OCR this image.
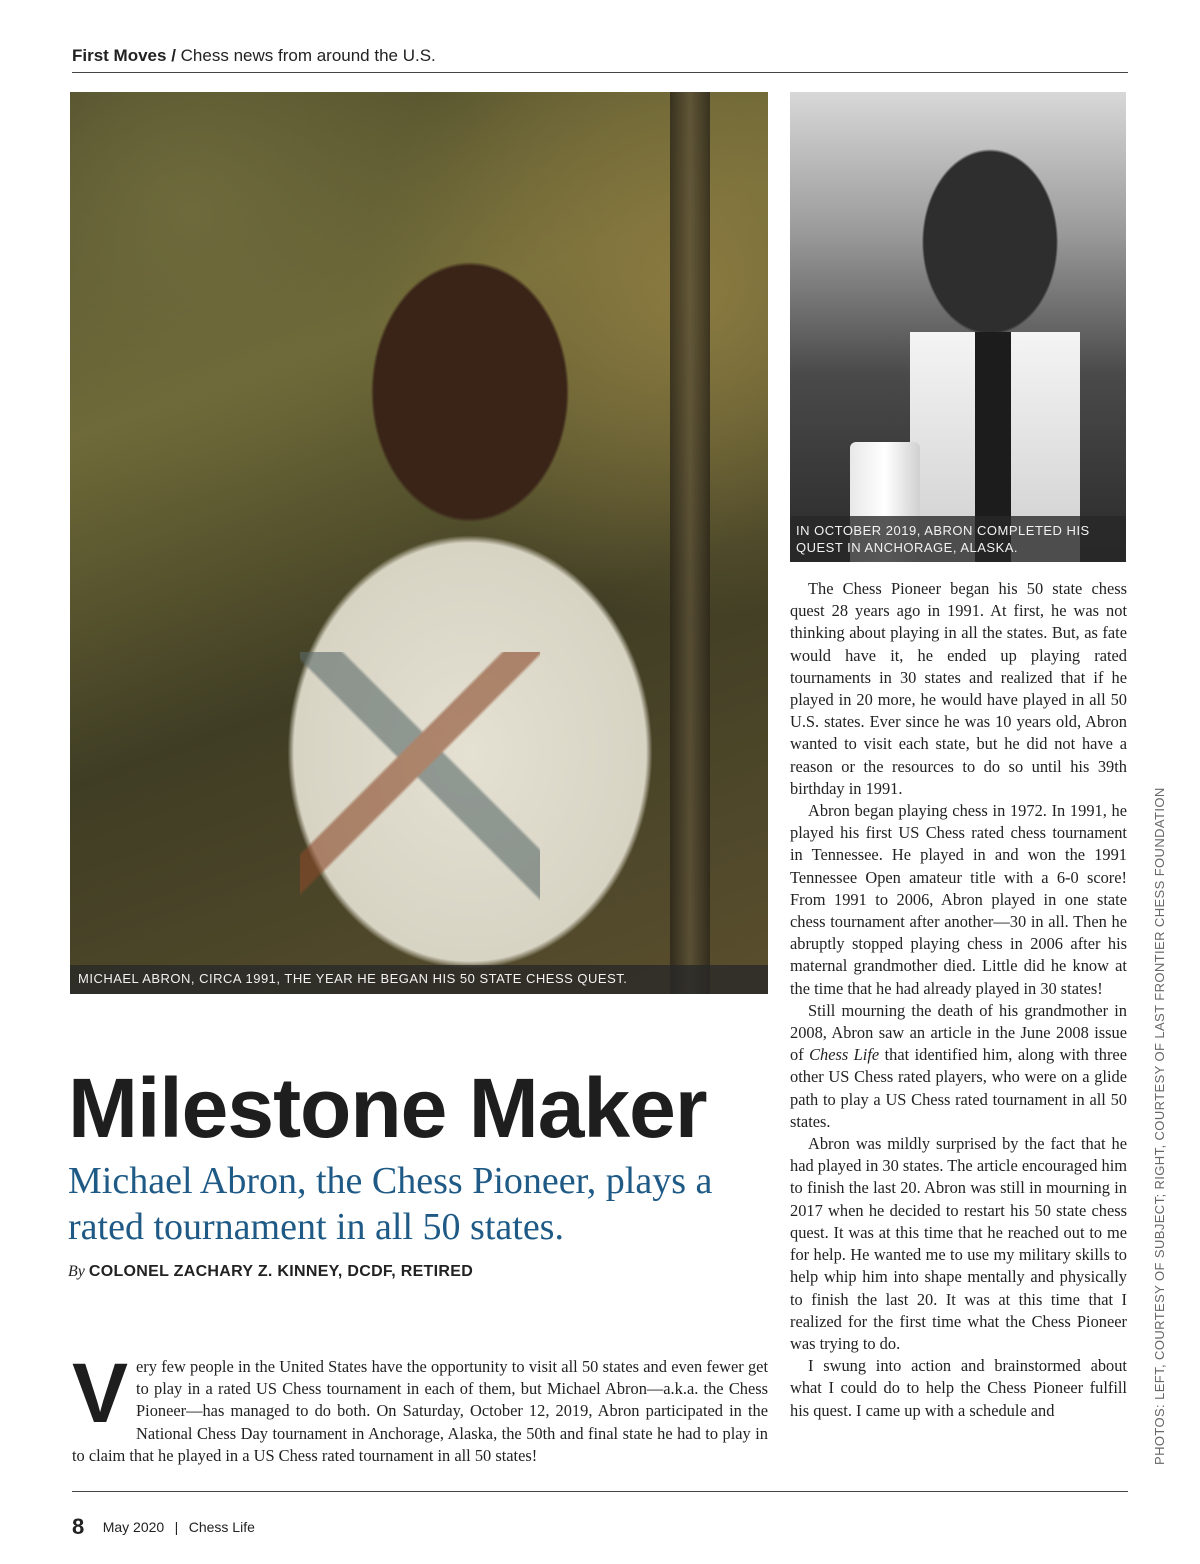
First Moves / Chess news from around the U.S.
MICHAEL ABRON, CIRCA 1991, THE YEAR HE BEGAN HIS 50 STATE CHESS QUEST.
IN OCTOBER 2019, ABRON COMPLETED HIS QUEST IN ANCHORAGE, ALASKA.
Milestone Maker
Michael Abron, the Chess Pioneer, plays a rated tournament in all 50 states.
By COLONEL ZACHARY Z. KINNEY, DCDF, RETIRED
Very few people in the United States have the opportunity to visit all 50 states and even fewer get to play in a rated US Chess tournament in each of them, but Michael Abron—a.k.a. the Chess Pioneer—has managed to do both. On Saturday, October 12, 2019, Abron participated in the National Chess Day tournament in Anchorage, Alaska, the 50th and final state he had to play in to claim that he played in a US Chess rated tournament in all 50 states!

The Chess Pioneer began his 50 state chess quest 28 years ago in 1991. At first, he was not thinking about playing in all the states. But, as fate would have it, he ended up playing rated tournaments in 30 states and realized that if he played in 20 more, he would have played in all 50 U.S. states. Ever since he was 10 years old, Abron wanted to visit each state, but he did not have a reason or the resources to do so until his 39th birthday in 1991.

Abron began playing chess in 1972. In 1991, he played his first US Chess rated chess tournament in Tennessee. He played in and won the 1991 Tennessee Open amateur title with a 6-0 score! From 1991 to 2006, Abron played in one state chess tournament after another—30 in all. Then he abruptly stopped playing chess in 2006 after his maternal grandmother died. Little did he know at the time that he had already played in 30 states!

Still mourning the death of his grandmother in 2008, Abron saw an article in the June 2008 issue of Chess Life that identified him, along with three other US Chess rated players, who were on a glide path to play a US Chess rated tournament in all 50 states.

Abron was mildly surprised by the fact that he had played in 30 states. The article encouraged him to finish the last 20. Abron was still in mourning in 2017 when he decided to restart his 50 state chess quest. It was at this time that he reached out to me for help. He wanted me to use my military skills to help whip him into shape mentally and physically to finish the last 20. It was at this time that I realized for the first time what the Chess Pioneer was trying to do.

I swung into action and brainstormed about what I could do to help the Chess Pioneer fulfill his quest. I came up with a schedule and	PHOTOS: LEFT, COURTESY OF SUBJECT; RIGHT, COURTESY OF LAST FRONTIER CHESS FOUNDATION
8 May 2020 | Chess Life
